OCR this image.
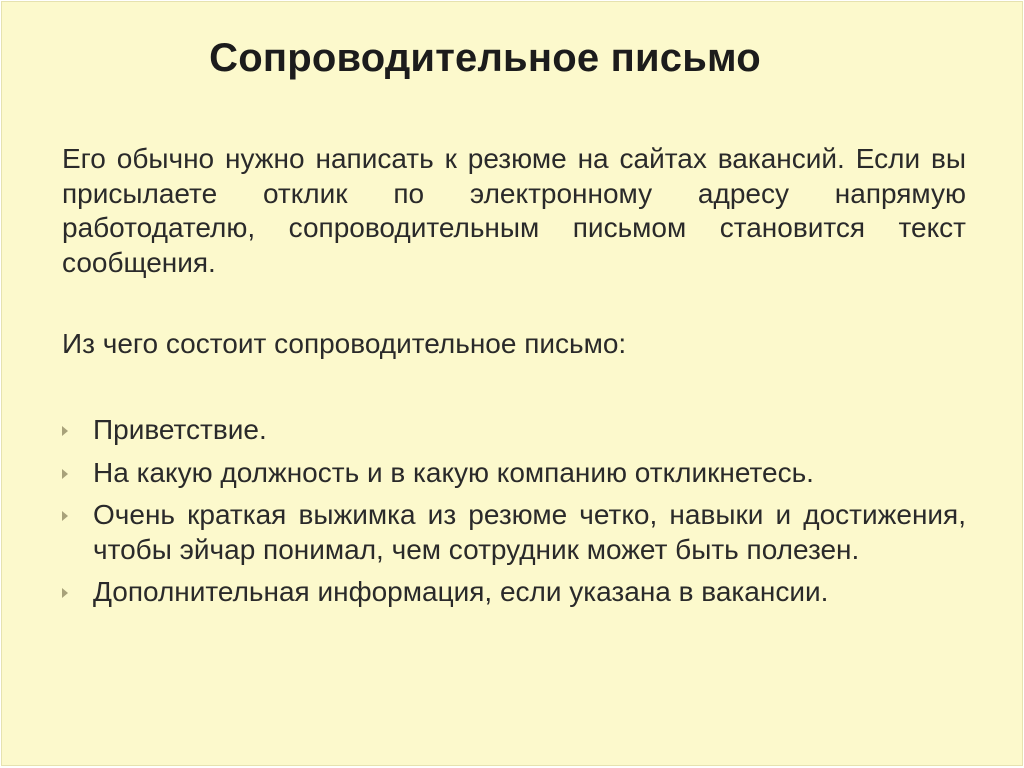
Сопроводительное письмо

Его обычно нужно написать к резюме на сайтах вакансий. Если вы присылаете отклик по электронному адресу напрямую работодателю, сопроводительным письмом становится текст сообщения.

Из чего состоит сопроводительное письмо:

Приветствие.
На какую должность и в какую компанию откликнетесь.
Очень краткая выжимка из резюме четко, навыки и достижения, чтобы эйчар понимал, чем сотрудник может быть полезен.
Дополнительная информация, если указана в вакансии.
